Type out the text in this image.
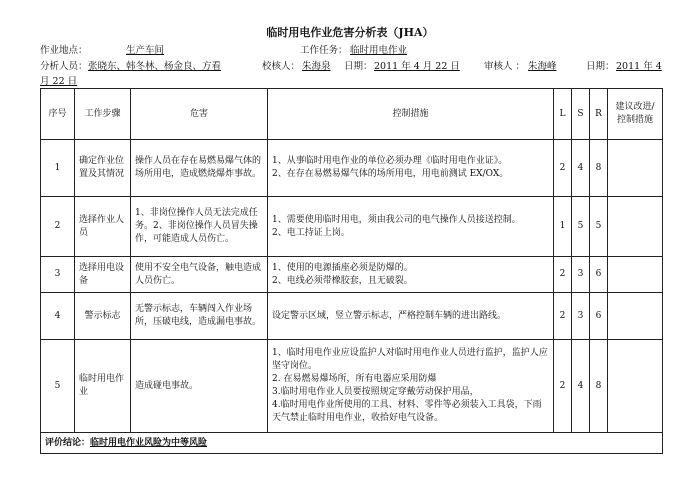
临时用电作业危害分析表（JHA）
作业地点：	生产车间	工作任务： 临时用电作业
分析人员： 张晓东、韩冬林、杨金良、方看	校核人： 朱海泉 日期： 2011 年 4 月 22 日	审核人 ： 朱海峰	日期： 2011 年 4
月 22 日
序号	工作步骤	危害	控制措施	L	S	R	建议改进/控制措施
1	确定作业位置及其情况	操作人员在存在易燃易爆气体的场所用电，造成燃烧爆炸事故。	1、从事临时用电作业的单位必须办理《临时用电作业证》。
2、在存在易燃易爆气体的场所用电，用电前测试 EX/OX。	2	4	8	
2	选择作业人员	1、非岗位操作人员无法完成任务。2、非岗位操作人员冒失操作，可能造成人员伤亡。	1、需要使用临时用电，须由我公司的电气操作人员接送控制。
2、电工持证上岗。	1	5	5	
3	选择用电设备	使用不安全电气设备，触电造成人员伤亡。	1、使用的电源插座必须是防爆的。
2、电线必须带橡胶套，且无破裂。	2	3	6	
4	警示标志	无警示标志，车辆闯入作业场所，压破电线，造成漏电事故。	设定警示区域，竖立警示标志，严格控制车辆的进出路线。	2	3	6	
5	临时用电作业	造成碰电事故。	1、临时用电作业应设监护人对临时用电作业人员进行监护，监护人应坚守岗位。
2. 在易燃易爆场所，所有电器应采用防爆
3.临时用电作业人员要按照规定穿戴劳动保护用品，
4.临时用电作业所使用的工具、材料、零件等必须装入工具袋，下雨天气禁止临时用电作业，收拾好电气设备。	2	4	8	
评价结论：临时用电作业风险为中等风险							
